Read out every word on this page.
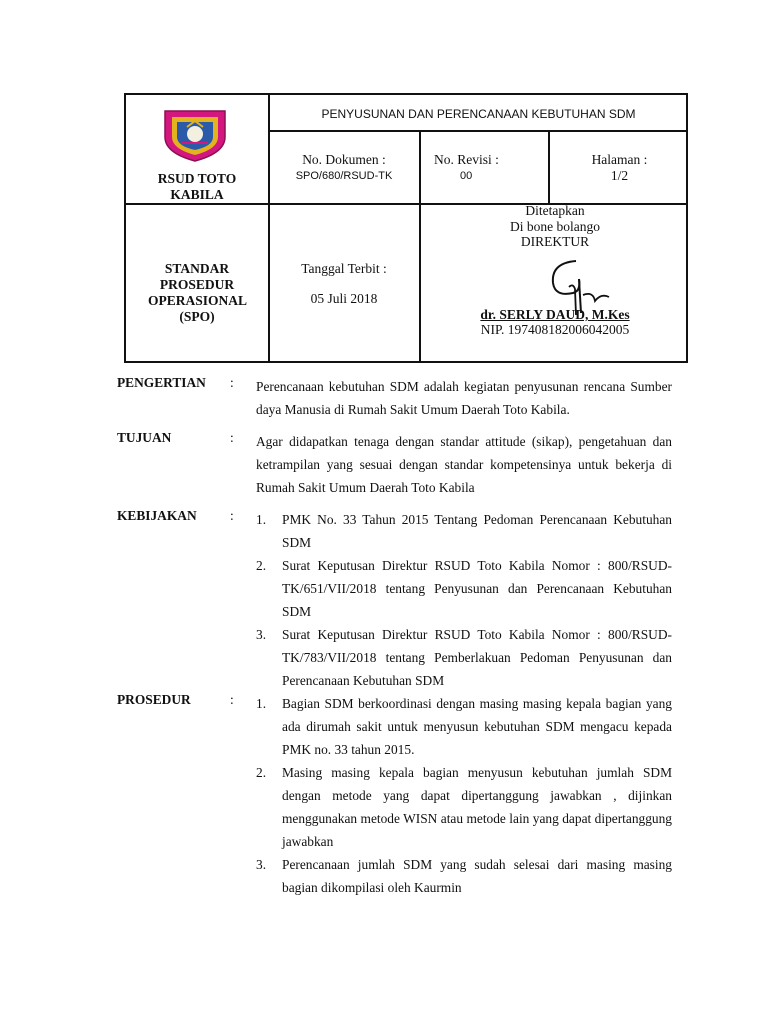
RSUD TOTO KABILA
PENYUSUNAN DAN PERENCANAAN KEBUTUHAN SDM
No. Dokumen :
SPO/680/RSUD-TK
No. Revisi :
00
Halaman :
1/2
STANDAR PROSEDUR OPERASIONAL (SPO)
Tanggal Terbit :
05 Juli 2018
Ditetapkan
Di bone bolango
DIREKTUR
dr. SERLY DAUD, M.Kes
NIP. 197408182006042005
PENGERTIAN : Perencanaan kebutuhan SDM adalah kegiatan penyusunan rencana Sumber daya Manusia di Rumah Sakit Umum Daerah Toto Kabila.
TUJUAN	: Agar didapatkan tenaga dengan standar attitude (sikap), pengetahuan dan ketrampilan yang sesuai dengan standar kompetensinya untuk bekerja di Rumah Sakit Umum Daerah Toto Kabila
KEBIJAKAN : 1. PMK No. 33 Tahun 2015 Tentang Pedoman Perencanaan Kebutuhan SDM
2. Surat Keputusan Direktur RSUD Toto Kabila Nomor : 800/RSUD-TK/651/VII/2018 tentang Penyusunan dan Perencanaan Kebutuhan SDM
3. Surat Keputusan Direktur RSUD Toto Kabila Nomor : 800/RSUD-TK/783/VII/2018 tentang Pemberlakuan Pedoman Penyusunan dan Perencanaan Kebutuhan SDM
PROSEDUR	: 1. Bagian SDM berkoordinasi dengan masing masing kepala bagian yang ada dirumah sakit untuk menyusun kebutuhan SDM mengacu kepada PMK no. 33 tahun 2015.
2. Masing masing kepala bagian menyusun kebutuhan jumlah SDM dengan metode yang dapat dipertanggung jawabkan , dijinkan menggunakan metode WISN atau metode lain yang dapat dipertanggung jawabkan
3. Perencanaan jumlah SDM yang sudah selesai dari masing masing bagian dikompilasi oleh Kaurmin
